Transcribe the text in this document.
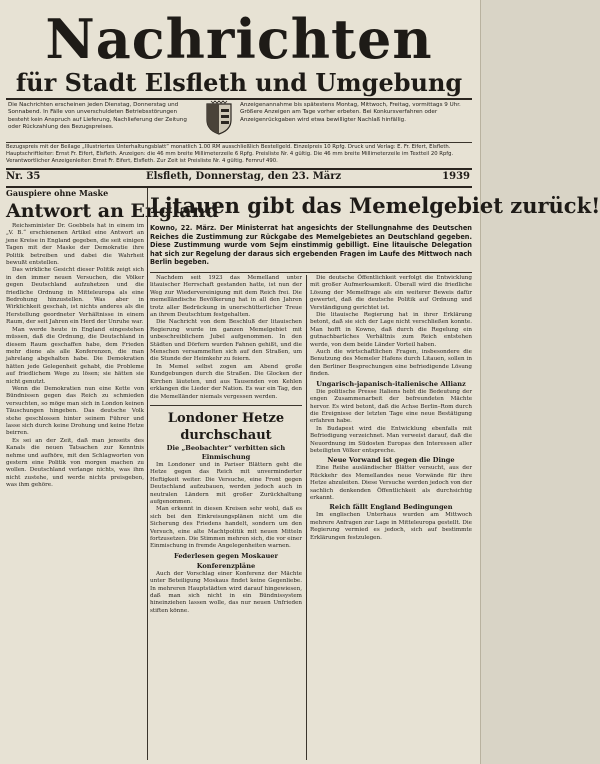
Nachrichten
für Stadt Elsfleth und Umgebung
Die Nachrichten erscheinen jeden Dienstag, Donnerstag und Sonnabend. In Fälle von unverschuldeten Betriebsstörungen besteht kein Anspruch auf Lieferung, Nachlieferung der Zeitung oder Rückzahlung des Bezugspreises.
Anzeigenannahme bis spätestens Montag, Mittwoch, Freitag, vormittags 9 Uhr. Größere Anzeigen am Tage vorher erbeten. Bei Konkursverfahren oder Anzeigenrückgaben wird etwa bewilligter Nachlaß hinfällig.
Bezugspreis mit der Beilage „Illustriertes Unterhaltungsblatt“ monatlich 1.00 RM ausschließlich Bestellgeld. Einzelpreis 10 Rpfg. Druck und Verlag: E. Fr. Eifert, Elsfleth. Hauptschriftleiter: Ernst Fr. Eifert, Elsfleth. Anzeigen: die 46 mm breite Millimeterzeile 6 Rpfg. Preisliste Nr. 4 gültig. Die 46 mm breite Millimeterzeile im Textteil 20 Rpfg. Verantwortlicher Anzeigenleiter: Ernst Fr. Eifert, Elsfleth. Zur Zeit ist Preisliste Nr. 4 gültig. Fernruf 490.
Nr. 35	Elsfleth, Donnerstag, den 23. März	1939
Gauspiere ohne Maske
Antwort an England

Reichsminister Dr. Goebbels hat in einem im „V. B.“ erschienenen Artikel eine Antwort an jene Kreise in England gegeben, die seit einigen Tagen mit der Maske der Demokratie ihre Politik betreiben und dabei die Wahrheit bewußt entstellen.

Das wirkliche Gesicht dieser Politik zeigt sich in den immer neuen Versuchen, die Völker gegen Deutschland aufzuhetzen und die friedliche Ordnung in Mitteleuropa als eine Bedrohung hinzustellen. Was aber in Wirklichkeit geschah, ist nichts anderes als die Herstellung geordneter Verhältnisse in einem Raum, der seit Jahren ein Herd der Unruhe war.

Man werde heute in England eingestehen müssen, daß die Ordnung, die Deutschland in diesem Raum geschaffen habe, dem Frieden mehr diene als alle Konferenzen, die man jahrelang abgehalten habe. Die Demokratien hätten jede Gelegenheit gehabt, die Probleme auf friedlichem Wege zu lösen; sie hätten sie nicht genutzt.

Wenn die Demokratien nun eine Kette von Bündnissen gegen das Reich zu schmieden versuchten, so möge man sich in London keinen Täuschungen hingeben. Das deutsche Volk stehe geschlossen hinter seinem Führer und lasse sich durch keine Drohung und keine Hetze beirren.

Es sei an der Zeit, daß man jenseits des Kanals die neuen Tatsachen zur Kenntnis nehme und aufhöre, mit den Schlagworten von gestern eine Politik von morgen machen zu wollen. Deutschland verlange nichts, was ihm nicht zustehe, und werde nichts preisgeben, was ihm gehöre.

Litauen gibt das Memelgebiet zurück!
Kowno, 22. März. Der Ministerrat hat angesichts der Stellungnahme des Deutschen Reiches die Zustimmung zur Rückgabe des Memelgebietes an Deutschland gegeben. Diese Zustimmung wurde vom Sejm einstimmig gebilligt. Eine litauische Delegation hat sich zur Regelung der daraus sich ergebenden Fragen im Laufe des Mittwoch nach Berlin begeben.

Nachdem seit 1923 das Memelland unter litauischer Herrschaft gestanden hatte, ist nun der Weg zur Wiedervereinigung mit dem Reich frei. Die memelländische Bevölkerung hat in all den Jahren trotz aller Bedrückung in unerschütterlicher Treue an ihrem Deutschtum festgehalten.

Die Nachricht von dem Beschluß der litauischen Regierung wurde im ganzen Memelgebiet mit unbeschreiblichem Jubel aufgenommen. In den Städten und Dörfern wurden Fahnen gehißt, und die Menschen versammelten sich auf den Straßen, um die Stunde der Heimkehr zu feiern.

In Memel selbst zogen am Abend große Kundgebungen durch die Straßen. Die Glocken der Kirchen läuteten, und aus Tausenden von Kehlen erklangen die Lieder der Nation. Es war ein Tag, den die Memelländer niemals vergessen werden.

Londoner Hetze durchschaut
Die „Beobachter“ verbitten sich Einmischung

Im Londoner und in Pariser Blättern geht die Hetze gegen das Reich mit unverminderter Heftigkeit weiter. Die Versuche, eine Front gegen Deutschland aufzubauen, werden jedoch auch in neutralen Ländern mit großer Zurückhaltung aufgenommen.

Man erkennt in diesen Kreisen sehr wohl, daß es sich bei den Einkreisungsplänen nicht um die Sicherung des Friedens handelt, sondern um den Versuch, eine alte Machtpolitik mit neuen Mitteln fortzusetzen. Die Stimmen mehren sich, die vor einer Einmischung in fremde Angelegenheiten warnen.

Federlesen gegen Moskauer Konferenzpläne

Auch der Vorschlag einer Konferenz der Mächte unter Beteiligung Moskaus findet keine Gegenliebe. In mehreren Hauptstädten wird darauf hingewiesen, daß man sich nicht in ein Bündnissystem hineinziehen lassen wolle, das nur neuen Unfrieden stiften könne.

Die deutsche Öffentlichkeit verfolgt die Entwicklung mit großer Aufmerksamkeit. Überall wird die friedliche Lösung der Memelfrage als ein weiterer Beweis dafür gewertet, daß die deutsche Politik auf Ordnung und Verständigung gerichtet ist.

Die litauische Regierung hat in ihrer Erklärung betont, daß sie sich der Lage nicht verschließen konnte. Man hofft in Kowno, daß durch die Regelung ein gutnachbarliches Verhältnis zum Reich entstehen werde, von dem beide Länder Vorteil haben.

Auch die wirtschaftlichen Fragen, insbesondere die Benutzung des Memeler Hafens durch Litauen, sollen in den Berliner Besprechungen eine befriedigende Lösung finden.

Ungarisch-japanisch-italienische Allianz

Die politische Presse Italiens hebt die Bedeutung der engen Zusammenarbeit der befreundeten Mächte hervor. Es wird betont, daß die Achse Berlin–Rom durch die Ereignisse der letzten Tage eine neue Bestätigung erfahren habe.

In Budapest wird die Entwicklung ebenfalls mit Befriedigung verzeichnet. Man verweist darauf, daß die Neuordnung im Südosten Europas den Interessen aller beteiligten Völker entspreche.

Neue Vorwand ist gegen die Dinge

Eine Reihe ausländischer Blätter versucht, aus der Rückkehr des Memellandes neue Vorwände für ihre Hetze abzuleiten. Diese Versuche werden jedoch von der sachlich denkenden Öffentlichkeit als durchsichtig erkannt.

Reich fällt England Bedingungen

Im englischen Unterhaus wurden am Mittwoch mehrere Anfragen zur Lage in Mitteleuropa gestellt. Die Regierung vermied es jedoch, sich auf bestimmte Erklärungen festzulegen.
